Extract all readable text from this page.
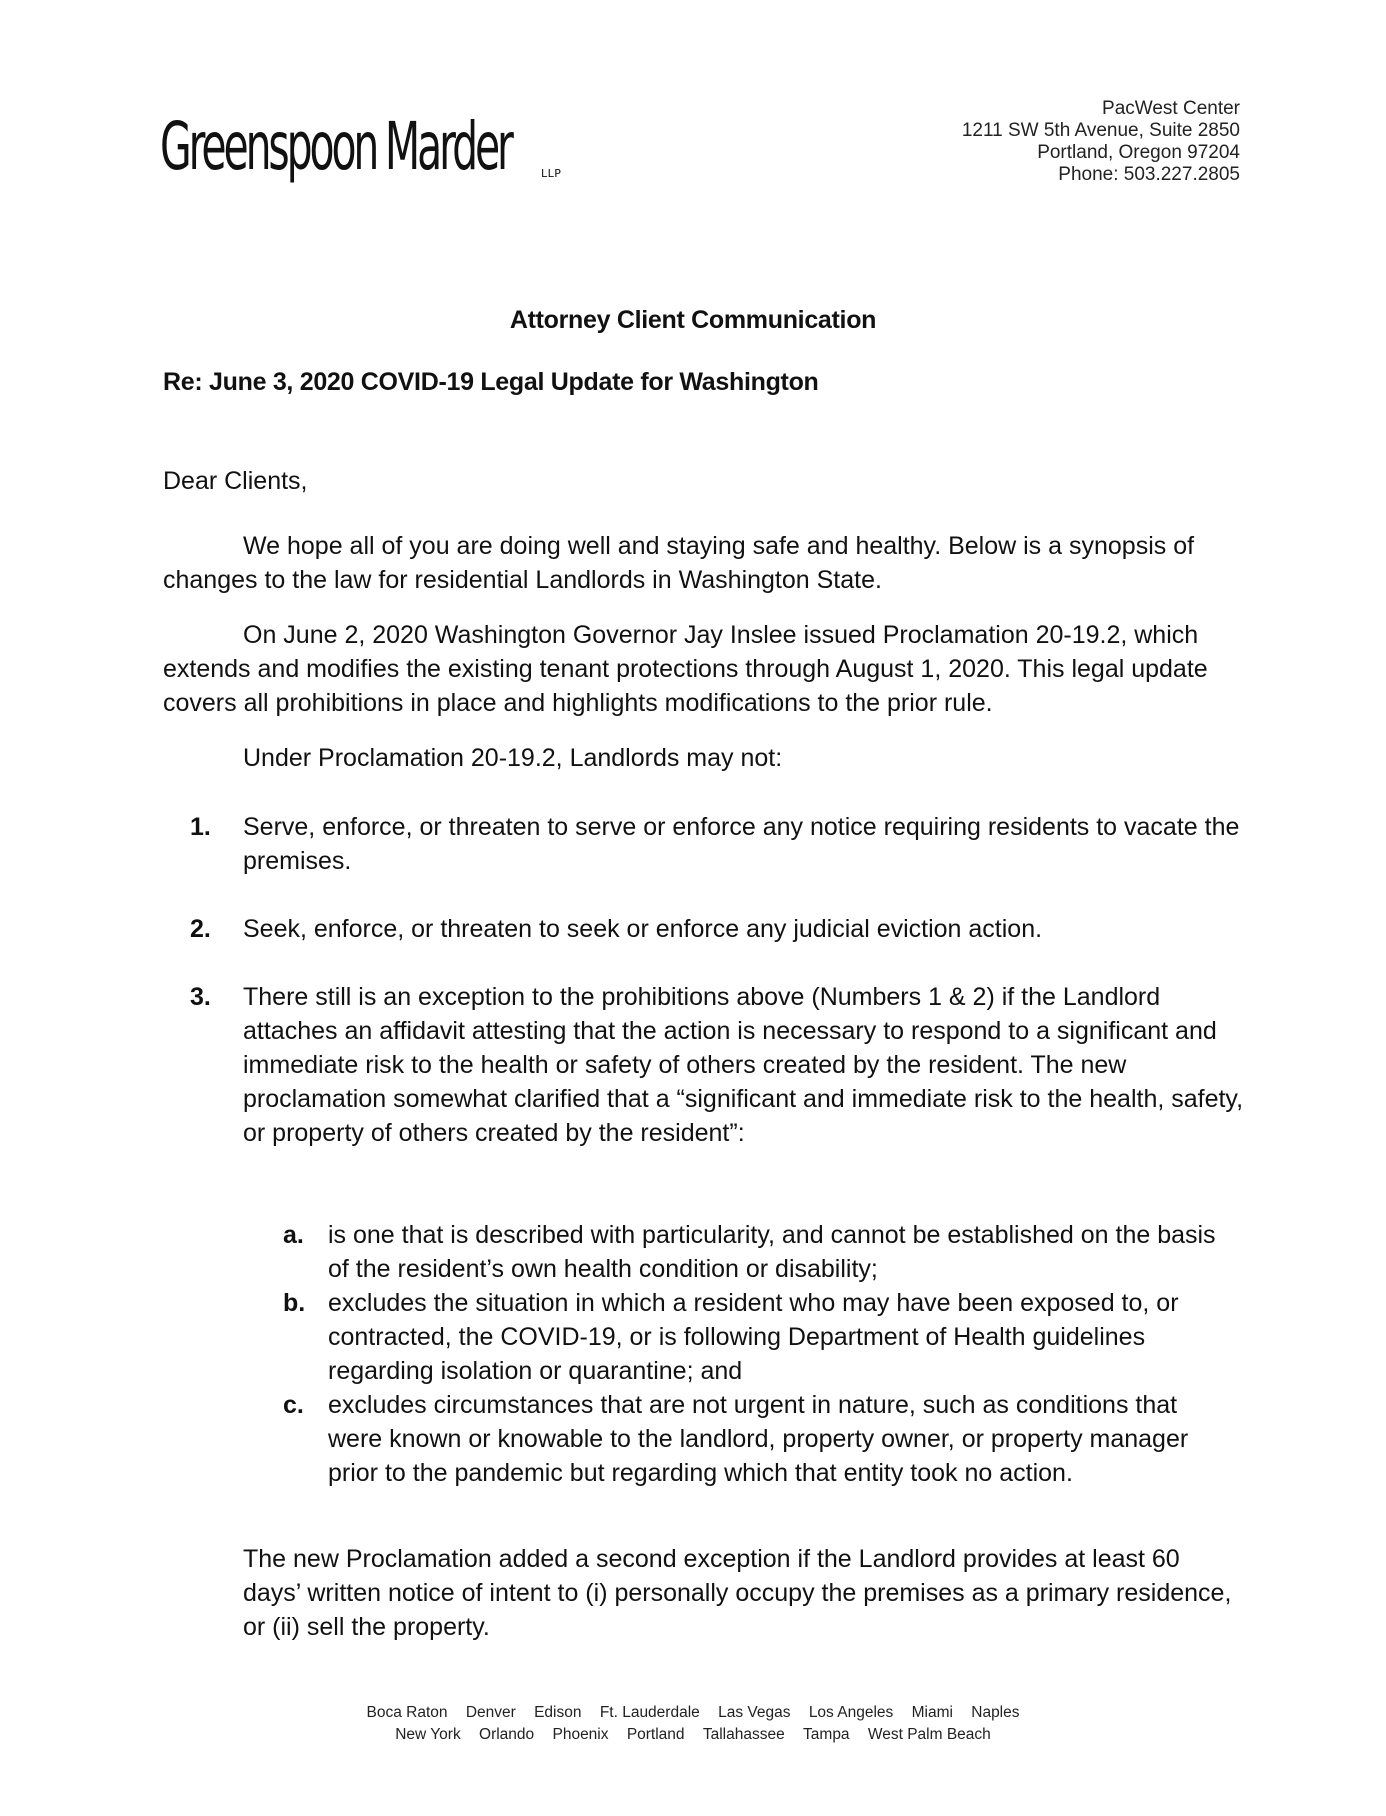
Greenspoon Marder	LLP
PacWest Center
1211 SW 5th Avenue, Suite 2850
Portland, Oregon 97204
Phone: 503.227.2805
Attorney Client Communication
Re: June 3, 2020 COVID-19 Legal Update for Washington
Dear Clients,

We hope all of you are doing well and staying safe and healthy. Below is a synopsis of changes to the law for residential Landlords in Washington State.

On June 2, 2020 Washington Governor Jay Inslee issued Proclamation 20-19.2, which extends and modifies the existing tenant protections through August 1, 2020. This legal update covers all prohibitions in place and highlights modifications to the prior rule.

Under Proclamation 20-19.2, Landlords may not:

1. Serve, enforce, or threaten to serve or enforce any notice requiring residents to vacate the premises.
2. Seek, enforce, or threaten to seek or enforce any judicial eviction action.
3. There still is an exception to the prohibitions above (Numbers 1 & 2) if the Landlord attaches an affidavit attesting that the action is necessary to respond to a significant and immediate risk to the health or safety of others created by the resident. The new proclamation somewhat clarified that a “significant and immediate risk to the health, safety, or property of others created by the resident”:
a. is one that is described with particularity, and cannot be established on the basis of the resident’s own health condition or disability;
b. excludes the situation in which a resident who may have been exposed to, or contracted, the COVID-19, or is following Department of Health guidelines regarding isolation or quarantine; and
c. excludes circumstances that are not urgent in nature, such as conditions that were known or knowable to the landlord, property owner, or property manager prior to the pandemic but regarding which that entity took no action.

The new Proclamation added a second exception if the Landlord provides at least 60 days’ written notice of intent to (i) personally occupy the premises as a primary residence, or (ii) sell the property.

Boca Raton Denver Edison Ft. Lauderdale Las Vegas Los Angeles Miami Naples
New York Orlando Phoenix Portland Tallahassee Tampa West Palm Beach
